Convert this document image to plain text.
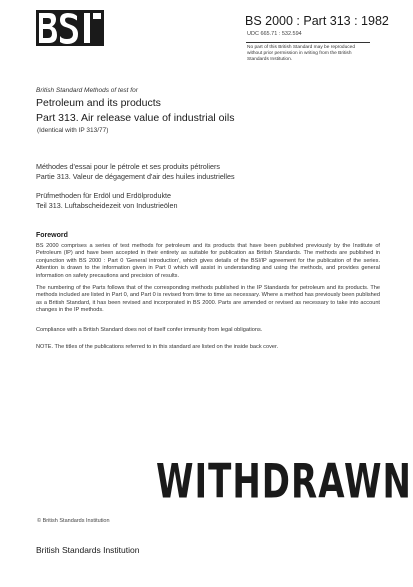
BS 2000 : Part 313 : 1982
UDC 665.71 : 532.594
No part of this British Standard may be reproduced without prior permission in writing from the British Standards Institution.
British Standard Methods of test for
Petroleum and its products
Part 313. Air release value of industrial oils
(Identical with IP 313/77)
Méthodes d'essai pour le pétrole et ses produits pétroliers
Partie 313. Valeur de dégagement d'air des huiles industrielles
Prüfmethoden für Erdöl und Erdölprodukte
Teil 313. Luftabscheidezeit von Industrieölen
Foreword
BS 2000 comprises a series of test methods for petroleum and its products that have been published previously by the Institute of Petroleum (IP) and have been accepted in their entirety as suitable for publication as British Standards. The methods are published in conjunction with BS 2000 : Part 0 'General introduction', which gives details of the BSI/IP agreement for the publication of the series. Attention is drawn to the information given in Part 0 which will assist in understanding and using the methods, and provides general information on safety precautions and precision of results.
The numbering of the Parts follows that of the corresponding methods published in the IP Standards for petroleum and its products. The methods included are listed in Part 0, and Part 0 is revised from time to time as necessary. Where a method has previously been published as a British Standard, it has been revised and incorporated in BS 2000. Parts are amended or revised as necessary to take into account changes in the IP methods.
Compliance with a British Standard does not of itself confer immunity from legal obligations.
NOTE. The titles of the publications referred to in this standard are listed on the inside back cover.
WITHDRAWN
© British Standards Institution
British Standards Institution
